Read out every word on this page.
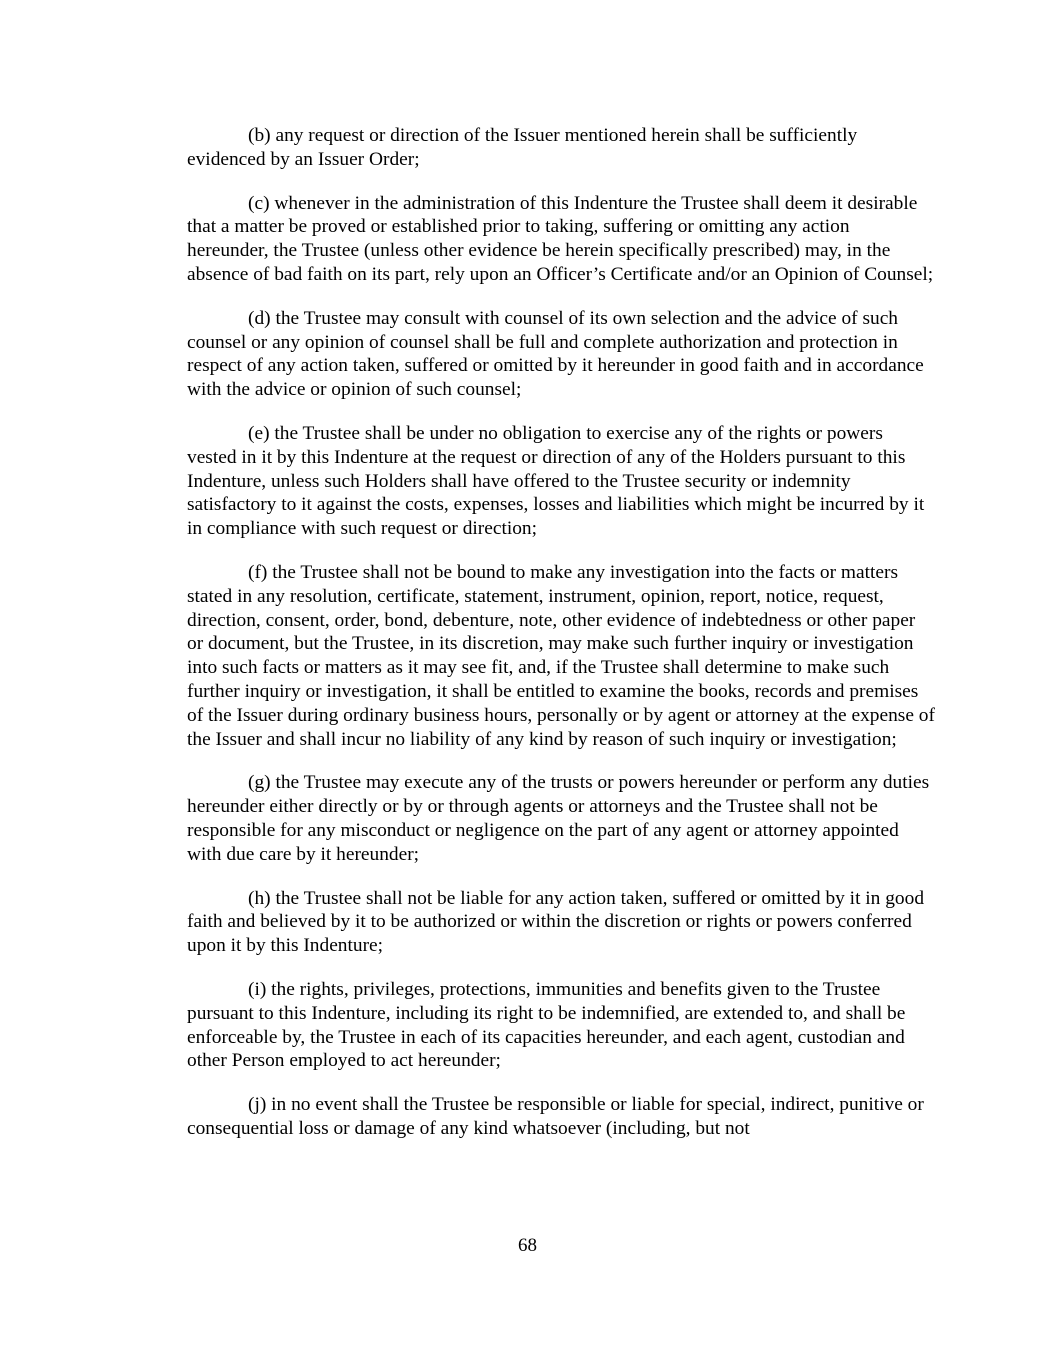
(b) any request or direction of the Issuer mentioned herein shall be sufficiently evidenced by an Issuer Order;

(c) whenever in the administration of this Indenture the Trustee shall deem it desirable that a matter be proved or established prior to taking, suffering or omitting any action hereunder, the Trustee (unless other evidence be herein specifically prescribed) may, in the absence of bad faith on its part, rely upon an Officer’s Certificate and/or an Opinion of Counsel;

(d) the Trustee may consult with counsel of its own selection and the advice of such counsel or any opinion of counsel shall be full and complete authorization and protection in respect of any action taken, suffered or omitted by it hereunder in good faith and in accordance with the advice or opinion of such counsel;

(e) the Trustee shall be under no obligation to exercise any of the rights or powers vested in it by this Indenture at the request or direction of any of the Holders pursuant to this Indenture, unless such Holders shall have offered to the Trustee security or indemnity satisfactory to it against the costs, expenses, losses and liabilities which might be incurred by it in compliance with such request or direction;

(f) the Trustee shall not be bound to make any investigation into the facts or matters stated in any resolution, certificate, statement, instrument, opinion, report, notice, request, direction, consent, order, bond, debenture, note, other evidence of indebtedness or other paper or document, but the Trustee, in its discretion, may make such further inquiry or investigation into such facts or matters as it may see fit, and, if the Trustee shall determine to make such further inquiry or investigation, it shall be entitled to examine the books, records and premises of the Issuer during ordinary business hours, personally or by agent or attorney at the expense of the Issuer and shall incur no liability of any kind by reason of such inquiry or investigation;

(g) the Trustee may execute any of the trusts or powers hereunder or perform any duties hereunder either directly or by or through agents or attorneys and the Trustee shall not be responsible for any misconduct or negligence on the part of any agent or attorney appointed with due care by it hereunder;

(h) the Trustee shall not be liable for any action taken, suffered or omitted by it in good faith and believed by it to be authorized or within the discretion or rights or powers conferred upon it by this Indenture;

(i) the rights, privileges, protections, immunities and benefits given to the Trustee pursuant to this Indenture, including its right to be indemnified, are extended to, and shall be enforceable by, the Trustee in each of its capacities hereunder, and each agent, custodian and other Person employed to act hereunder;

(j) in no event shall the Trustee be responsible or liable for special, indirect, punitive or consequential loss or damage of any kind whatsoever (including, but not

68
